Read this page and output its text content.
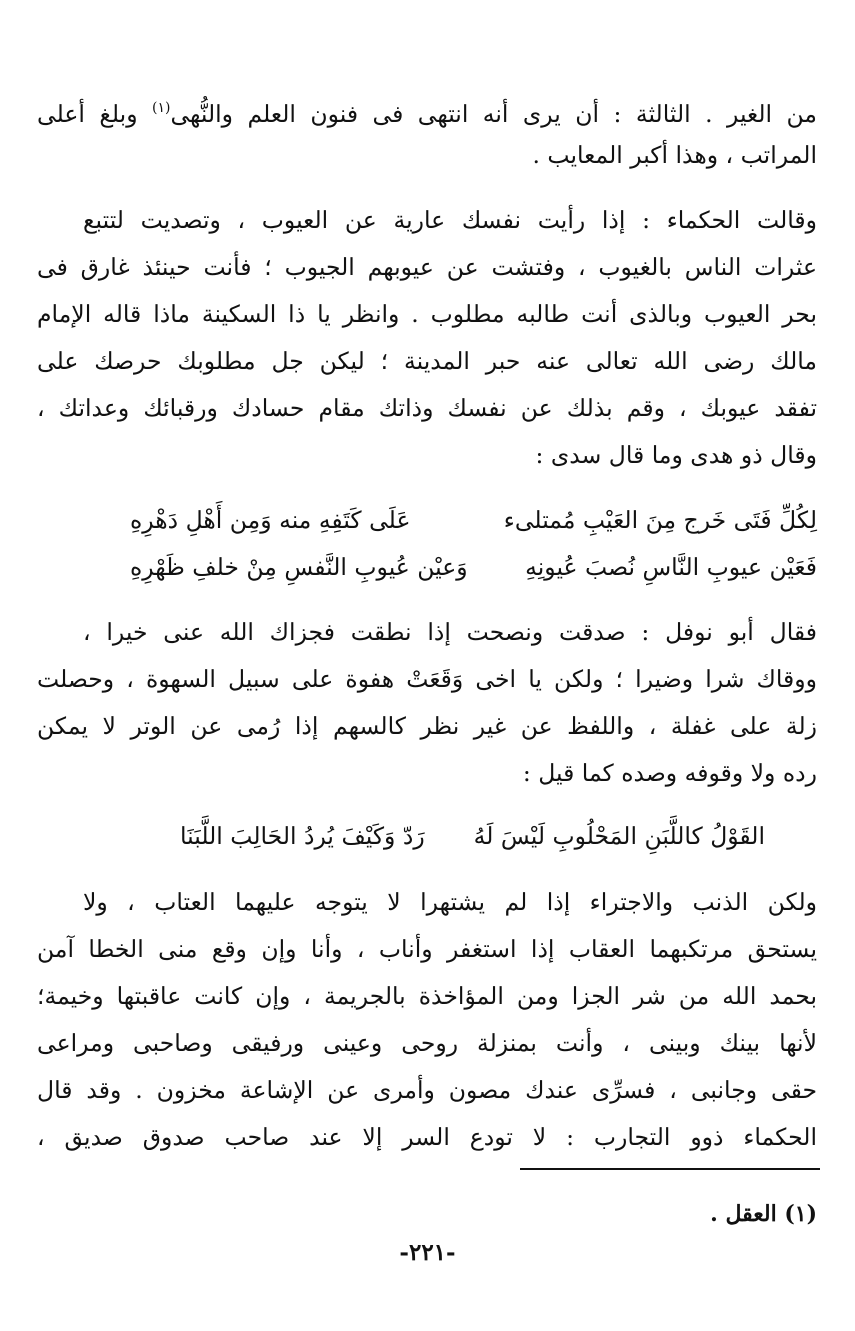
من الغير . الثالثة : أن يرى أنه انتهى فى فنون العلم والنُّهى$^{(١)}$ وبلغ أعلى
المراتب ، وهذا أكبر المعايب .
وقالت الحكماء : إذا رأيت نفسك عارية عن العيوب ، وتصديت لتتبع
عثرات الناس بالغيوب ، وفتشت عن عيوبهم الجيوب ؛ فأنت حينئذ غارق فى
بحر العيوب وبالذى أنت طالبه مطلوب . وانظر يا ذا السكينة ماذا قاله الإمام
مالك رضى الله تعالى عنه حبر المدينة ؛ ليكن جل مطلوبك حرصك على
تفقد عيوبك ، وقم بذلك عن نفسك وذاتك مقام حسادك ورقبائك وعداتك ،
وقال ذو هدى وما قال سدى :
لِكُلِّ فَتَى خَرج مِنَ العَيْبِ مُمتلىء
عَلَى كَتَفِهِ منه وَمِن أَهْلِ دَهْرِهِ
فَعَيْن عيوبِ النَّاسِ نُصبَ عُيونِهِ
وَعيْن عُيوبِ النَّفسِ مِنْ خلفِ ظَهْرِهِ
فقال أبو نوفل : صدقت ونصحت إذا نطقت فجزاك الله عنى خيرا ،
ووقاك شرا وضيرا ؛ ولكن يا اخى وَقَعَتْ هفوة على سبيل السهوة ، وحصلت
زلة على غفلة ، واللفظ عن غير نظر كالسهم إذا رُمى عن الوتر لا يمكن
رده ولا وقوفه وصده كما قيل :
القَوْلُ كاللَّبَنِ المَحْلُوبِ لَيْسَ لَهُ
رَدّ وَكَيْفَ يُردُ الحَالِبَ اللَّبَنَا
ولكن الذنب والاجتراء إذا لم يشتهرا لا يتوجه عليهما العتاب ، ولا
يستحق مرتكبهما العقاب إذا استغفر وأناب ، وأنا وإن وقع منى الخطا آمن
بحمد الله من شر الجزا ومن المؤاخذة بالجريمة ، وإن كانت عاقبتها وخيمة؛
لأنها بينك وبينى ، وأنت بمنزلة روحى وعينى ورفيقى وصاحبى ومراعى
حقى وجانبى ، فسرِّى عندك مصون وأمرى عن الإشاعة مخزون . وقد قال
الحكماء ذوو التجارب : لا تودع السر إلا عند صاحب صدوق صديق ،
(١) العقل .
-٢٢١-
